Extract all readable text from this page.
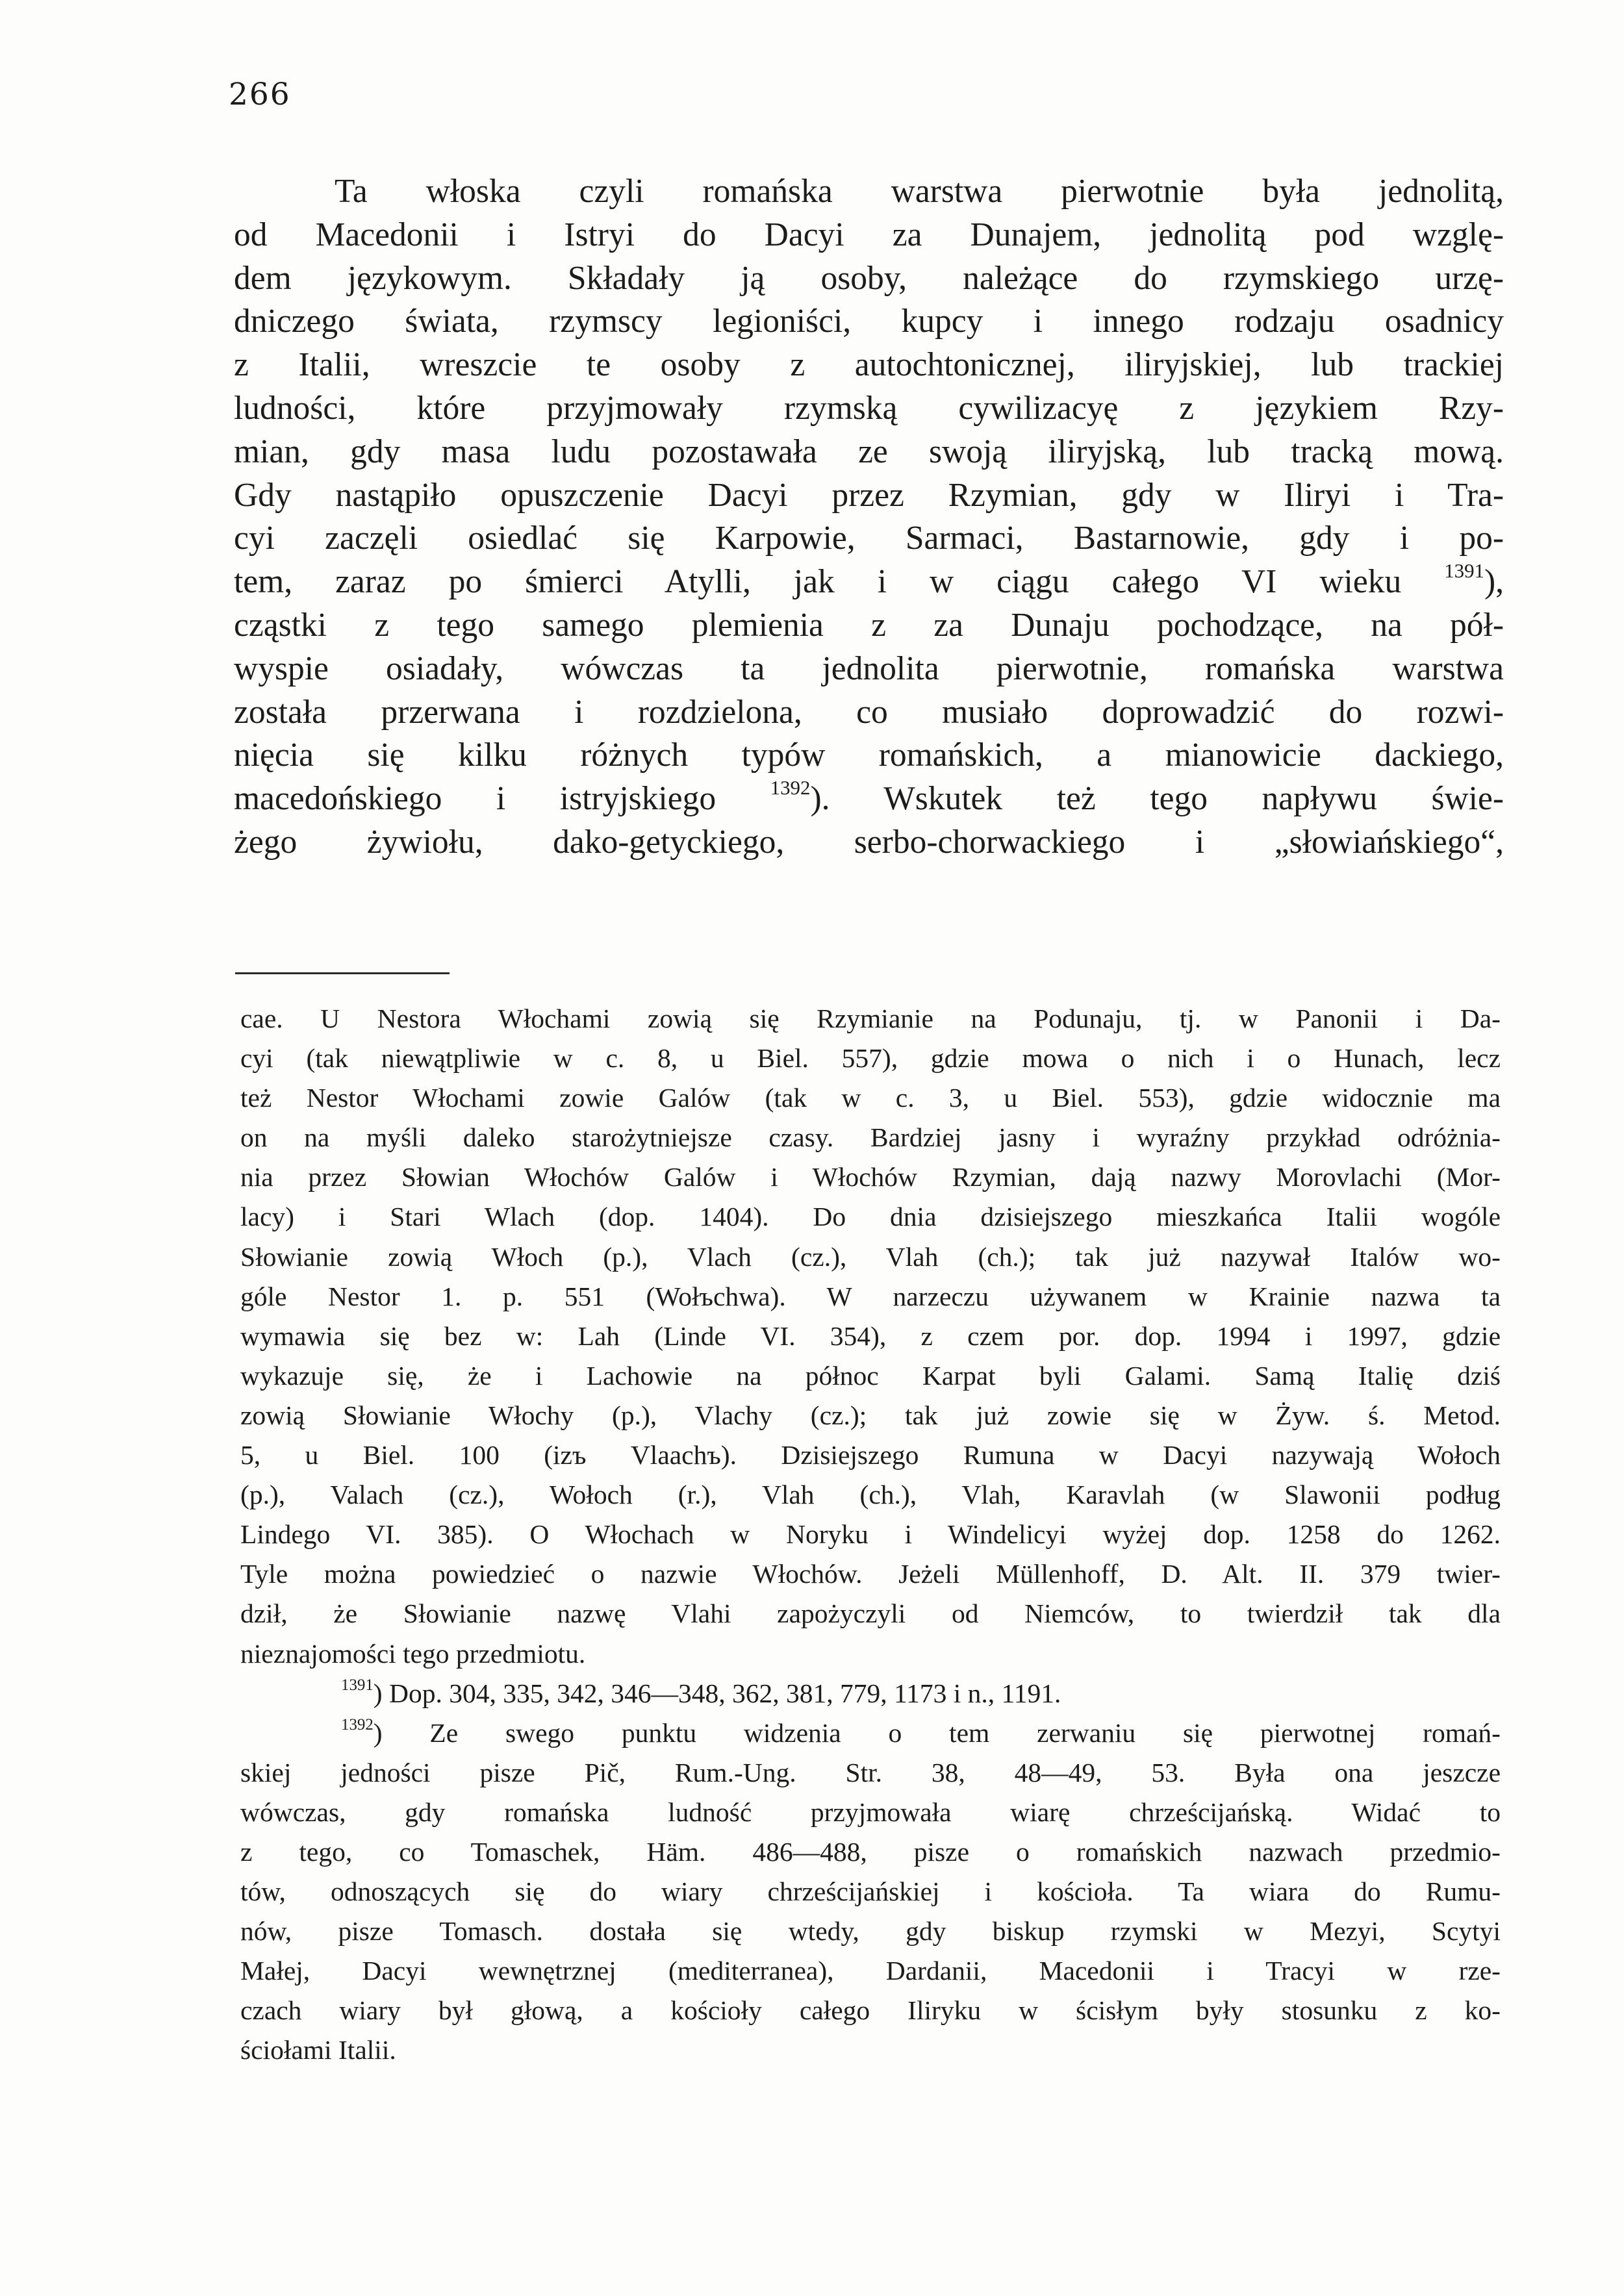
266
Ta włoska czyli romańska warstwa pierwotnie była jednolitą,
od Macedonii i Istryi do Dacyi za Dunajem, jednolitą pod wzglę-
dem językowym. Składały ją osoby, należące do rzymskiego urzę-
dniczego świata, rzymscy legioniści, kupcy i innego rodzaju osadnicy
z Italii, wreszcie te osoby z autochtonicznej, iliryjskiej, lub trackiej
ludności, które przyjmowały rzymską cywilizacyę z językiem Rzy-
mian, gdy masa ludu pozostawała ze swoją iliryjską, lub tracką mową.
Gdy nastąpiło opuszczenie Dacyi przez Rzymian, gdy w Iliryi i Tra-
cyi zaczęli osiedlać się Karpowie, Sarmaci, Bastarnowie, gdy i po-
tem, zaraz po śmierci Atylli, jak i w ciągu całego VI wieku $^{1391}$),
cząstki z tego samego plemienia z za Dunaju pochodzące, na pół-
wyspie osiadały, wówczas ta jednolita pierwotnie, romańska warstwa
została przerwana i rozdzielona, co musiało doprowadzić do rozwi-
nięcia się kilku różnych typów romańskich, a mianowicie dackiego,
macedońskiego i istryjskiego	$^{1392}$). Wskutek też tego napływu świe-
żego żywiołu, dako-getyckiego, serbo-chorwackiego i „słowiańskiego“,
cae. U Nestora Włochami zowią się Rzymianie na Podunaju, tj. w Panonii i Da-
cyi (tak niewątpliwie w c. 8, u Biel. 557), gdzie mowa o nich i o Hunach, lecz
też Nestor Włochami zowie Galów (tak w c. 3, u Biel. 553), gdzie widocznie ma
on na myśli daleko starożytniejsze czasy. Bardziej jasny i wyraźny przykład odróżnia-
nia przez Słowian Włochów Galów i Włochów Rzymian, dają nazwy Morovlachi (Mor-
lacy) i Stari Wlach (dop. 1404). Do dnia dzisiejszego mieszkańca Italii wogóle
Słowianie zowią Włoch (p.), Vlach (cz.), Vlah (ch.); tak już nazywał Italów wo-
góle Nestor 1. p. 551 (Wołъchwa). W narzeczu używanem w Krainie nazwa ta
wymawia się bez w: Lah (Linde VI. 354), z czem por. dop. 1994 i 1997, gdzie
wykazuje się, że i Lachowie na północ Karpat byli Galami. Samą Italię dziś
zowią Słowianie Włochy (p.), Vlachy (cz.); tak już zowie się w Żyw. ś. Metod.
5, u Biel. 100 (izъ Vlaachъ). Dzisiejszego Rumuna w Dacyi nazywają Wołoch
(p.), Valach (cz.), Wołoch (r.), Vlah (ch.), Vlah, Karavlah (w Slawonii podług
Lindego VI. 385). O Włochach w Noryku i Windelicyi wyżej dop. 1258 do 1262.
Tyle można powiedzieć o nazwie Włochów. Jeżeli Müllenhoff, D. Alt. II. 379 twier-
dził, że Słowianie nazwę Vlahi zapożyczyli od Niemców, to twierdził tak dla
nieznajomości tego przedmiotu.
$^{1391}$) Dop. 304, 335, 342, 346—348, 362, 381, 779, 1173 i n., 1191.
$^{1392}$) Ze swego punktu widzenia o tem zerwaniu się pierwotnej romań-
skiej jedności pisze Pič, Rum.-Ung. Str. 38, 48—49, 53. Była ona jeszcze
wówczas, gdy romańska ludność przyjmowała wiarę chrześcijańską. Widać to
z tego, co Tomaschek, Häm. 486—488, pisze o romańskich nazwach przedmio-
tów, odnoszących się do wiary chrześcijańskiej i kościoła. Ta wiara do Rumu-
nów, pisze Tomasch. dostała się wtedy, gdy biskup rzymski w Mezyi, Scytyi
Małej, Dacyi wewnętrznej (mediterranea), Dardanii, Macedonii i Tracyi w rze-
czach wiary był głową, a kościoły całego Iliryku w ścisłym były stosunku z ko-
ściołami Italii.
